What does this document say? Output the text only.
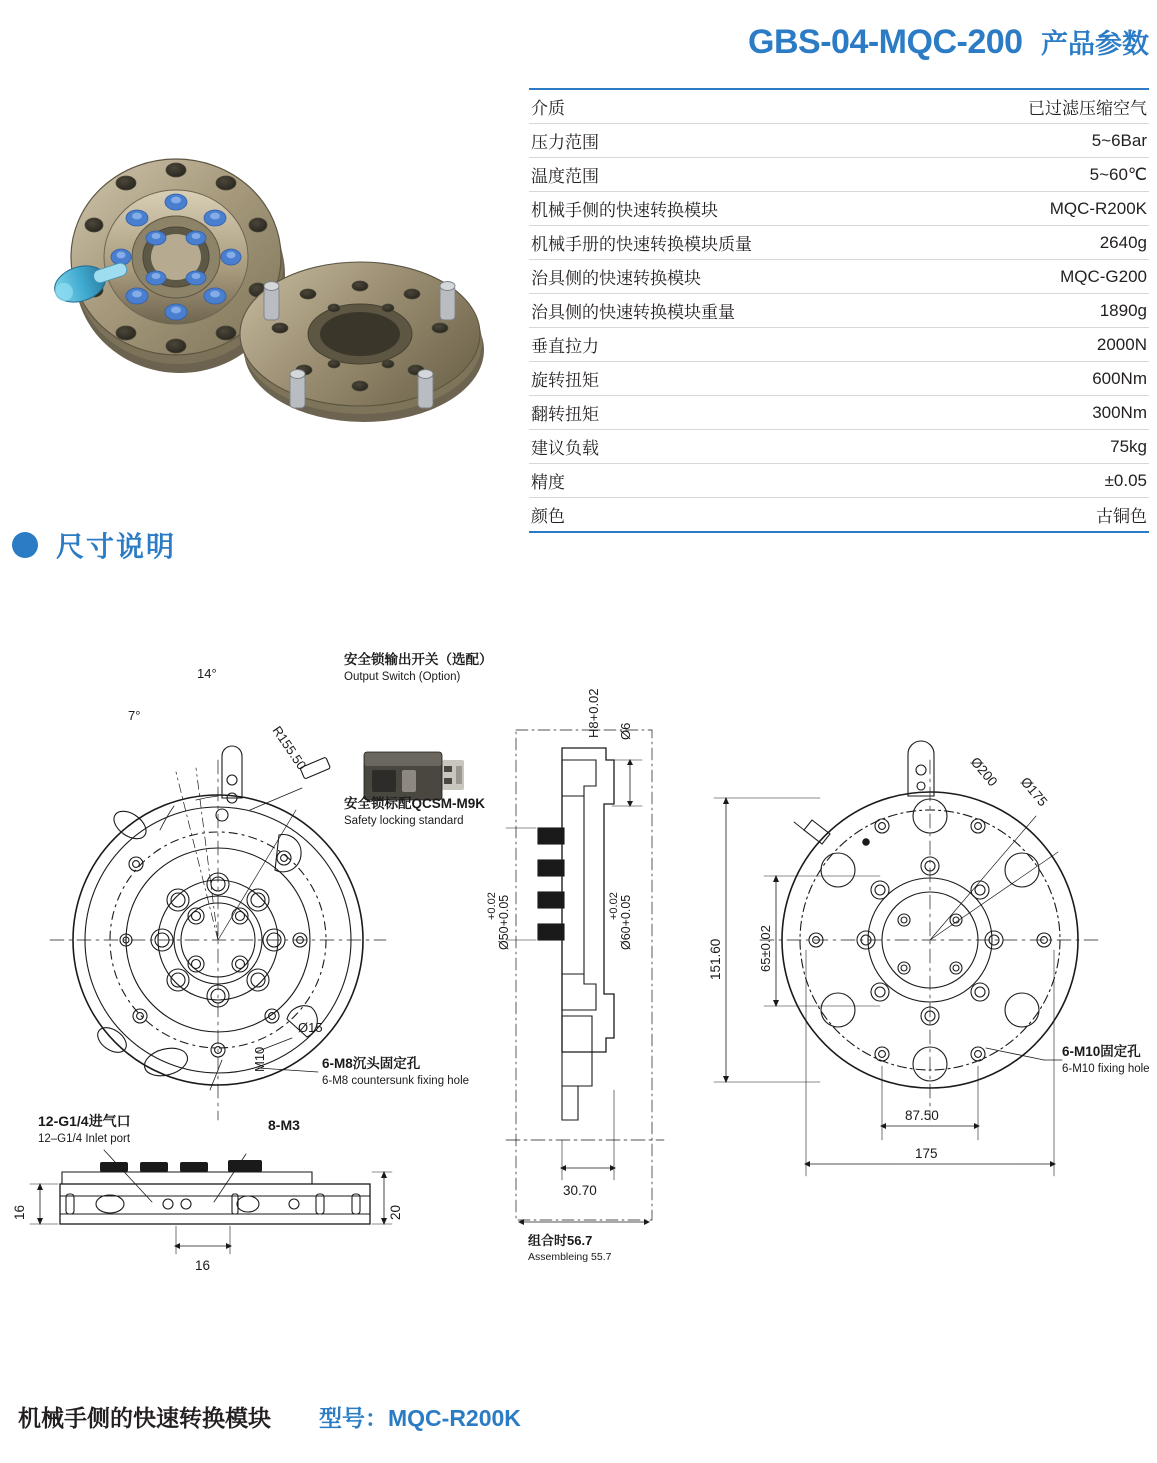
GBS-04-MQC-200 产品参数
介质	已过滤压缩空气
压力范围	5~6Bar
温度范围	5~60℃
机械手侧的快速转换模块	MQC-R200K
机械手册的快速转换模块质量	2640g
治具侧的快速转换模块	MQC-G200
治具侧的快速转换模块重量	1890g
垂直拉力	2000N
旋转扭矩	600Nm
翻转扭矩	300Nm
建议负载	75kg
精度	±0.05
颜色	古铜色
尺寸说明
14°
7°
R155.50
安全锁输出开关（选配）
Output Switch (Option)
安全锁标配QCSM-M9K
Safety locking standard
Ø15
M10	6-M8沉头固定孔
6-M8 countersunk fixing hole
H8+0.02 Ø6
Ø50+0.05
+0.02	Ø60+0.05
+0.02
30.70
组合时56.7
Assembleing 55.7
Ø200
Ø175
151.60	65±0.02
87.50
175
6-M10固定孔
6-M10 fixing hole
12-G1/4进气口
12–G1/4 Inlet port
8-M3
16
16
20
机械手侧的快速转换模块 型号：MQC-R200K
